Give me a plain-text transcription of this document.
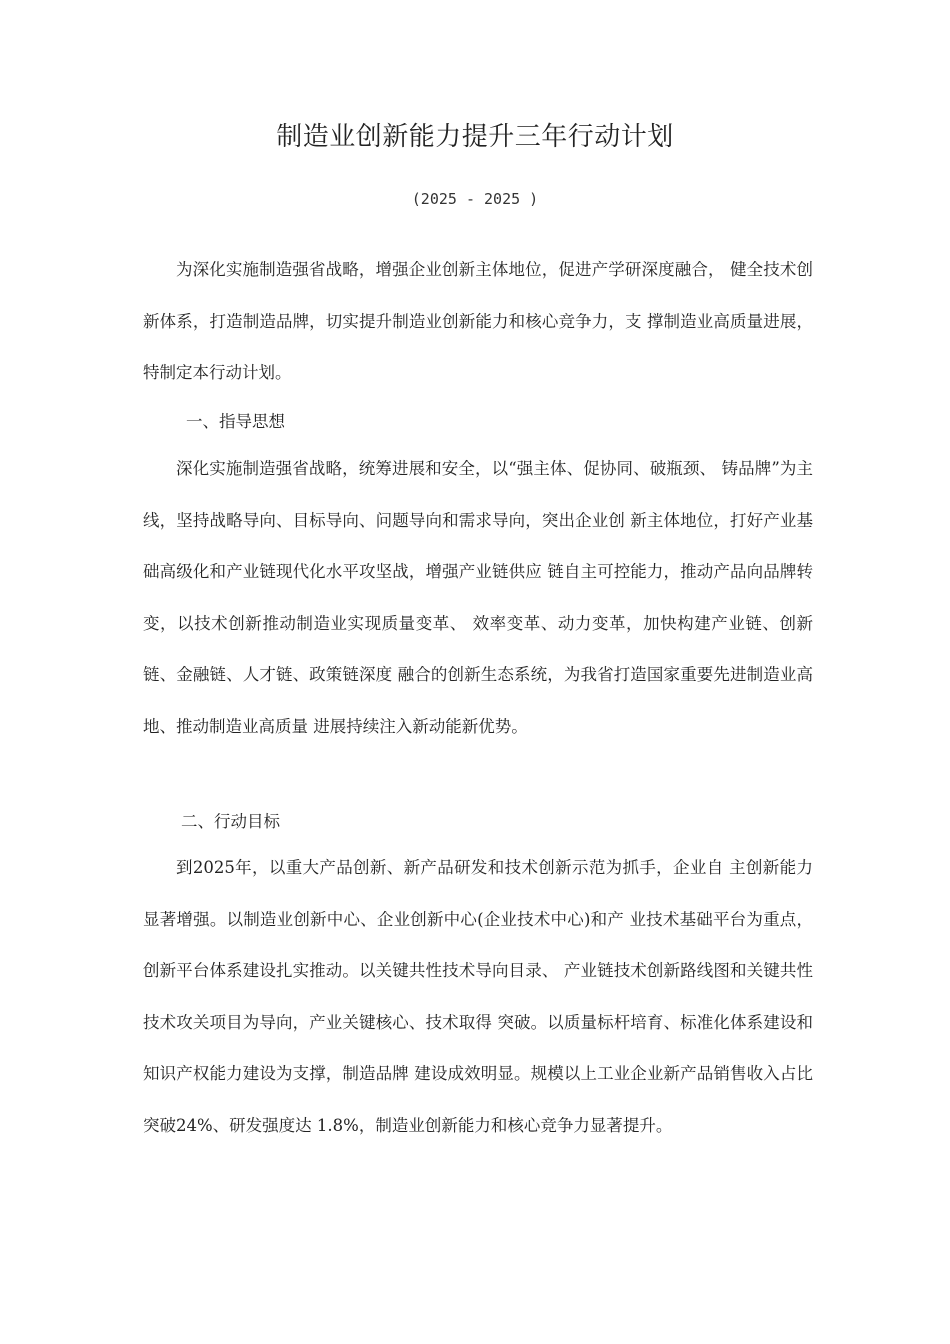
制造业创新能力提升三年行动计划
(2025 - 2025 )

为深化实施制造强省战略，增强企业创新主体地位，促进产学研深度融合， 健全技术创新体系，打造制造品牌，切实提升制造业创新能力和核心竞争力，支 撑制造业高质量进展，特制定本行动计划。

一、指导思想

深化实施制造强省战略，统筹进展和安全，以“强主体、促协同、破瓶颈、 铸品牌”为主线，坚持战略导向、目标导向、问题导向和需求导向，突出企业创 新主体地位，打好产业基础高级化和产业链现代化水平攻坚战，增强产业链供应 链自主可控能力，推动产品向品牌转变，以技术创新推动制造业实现质量变革、 效率变革、动力变革，加快构建产业链、创新链、金融链、人才链、政策链深度 融合的创新生态系统，为我省打造国家重要先进制造业高地、推动制造业高质量 进展持续注入新动能新优势。

二、行动目标

到2025年，以重大产品创新、新产品研发和技术创新示范为抓手，企业自 主创新能力显著增强。以制造业创新中心、企业创新中心(企业技术中心)和产 业技术基础平台为重点，创新平台体系建设扎实推动。以关键共性技术导向目录、 产业链技术创新路线图和关键共性技术攻关项目为导向，产业关键核心、技术取得 突破。以质量标杆培育、标准化体系建设和知识产权能力建设为支撑，制造品牌 建设成效明显。规模以上工业企业新产品销售收入占比突破24%、研发强度达 1.8%，制造业创新能力和核心竞争力显著提升。
